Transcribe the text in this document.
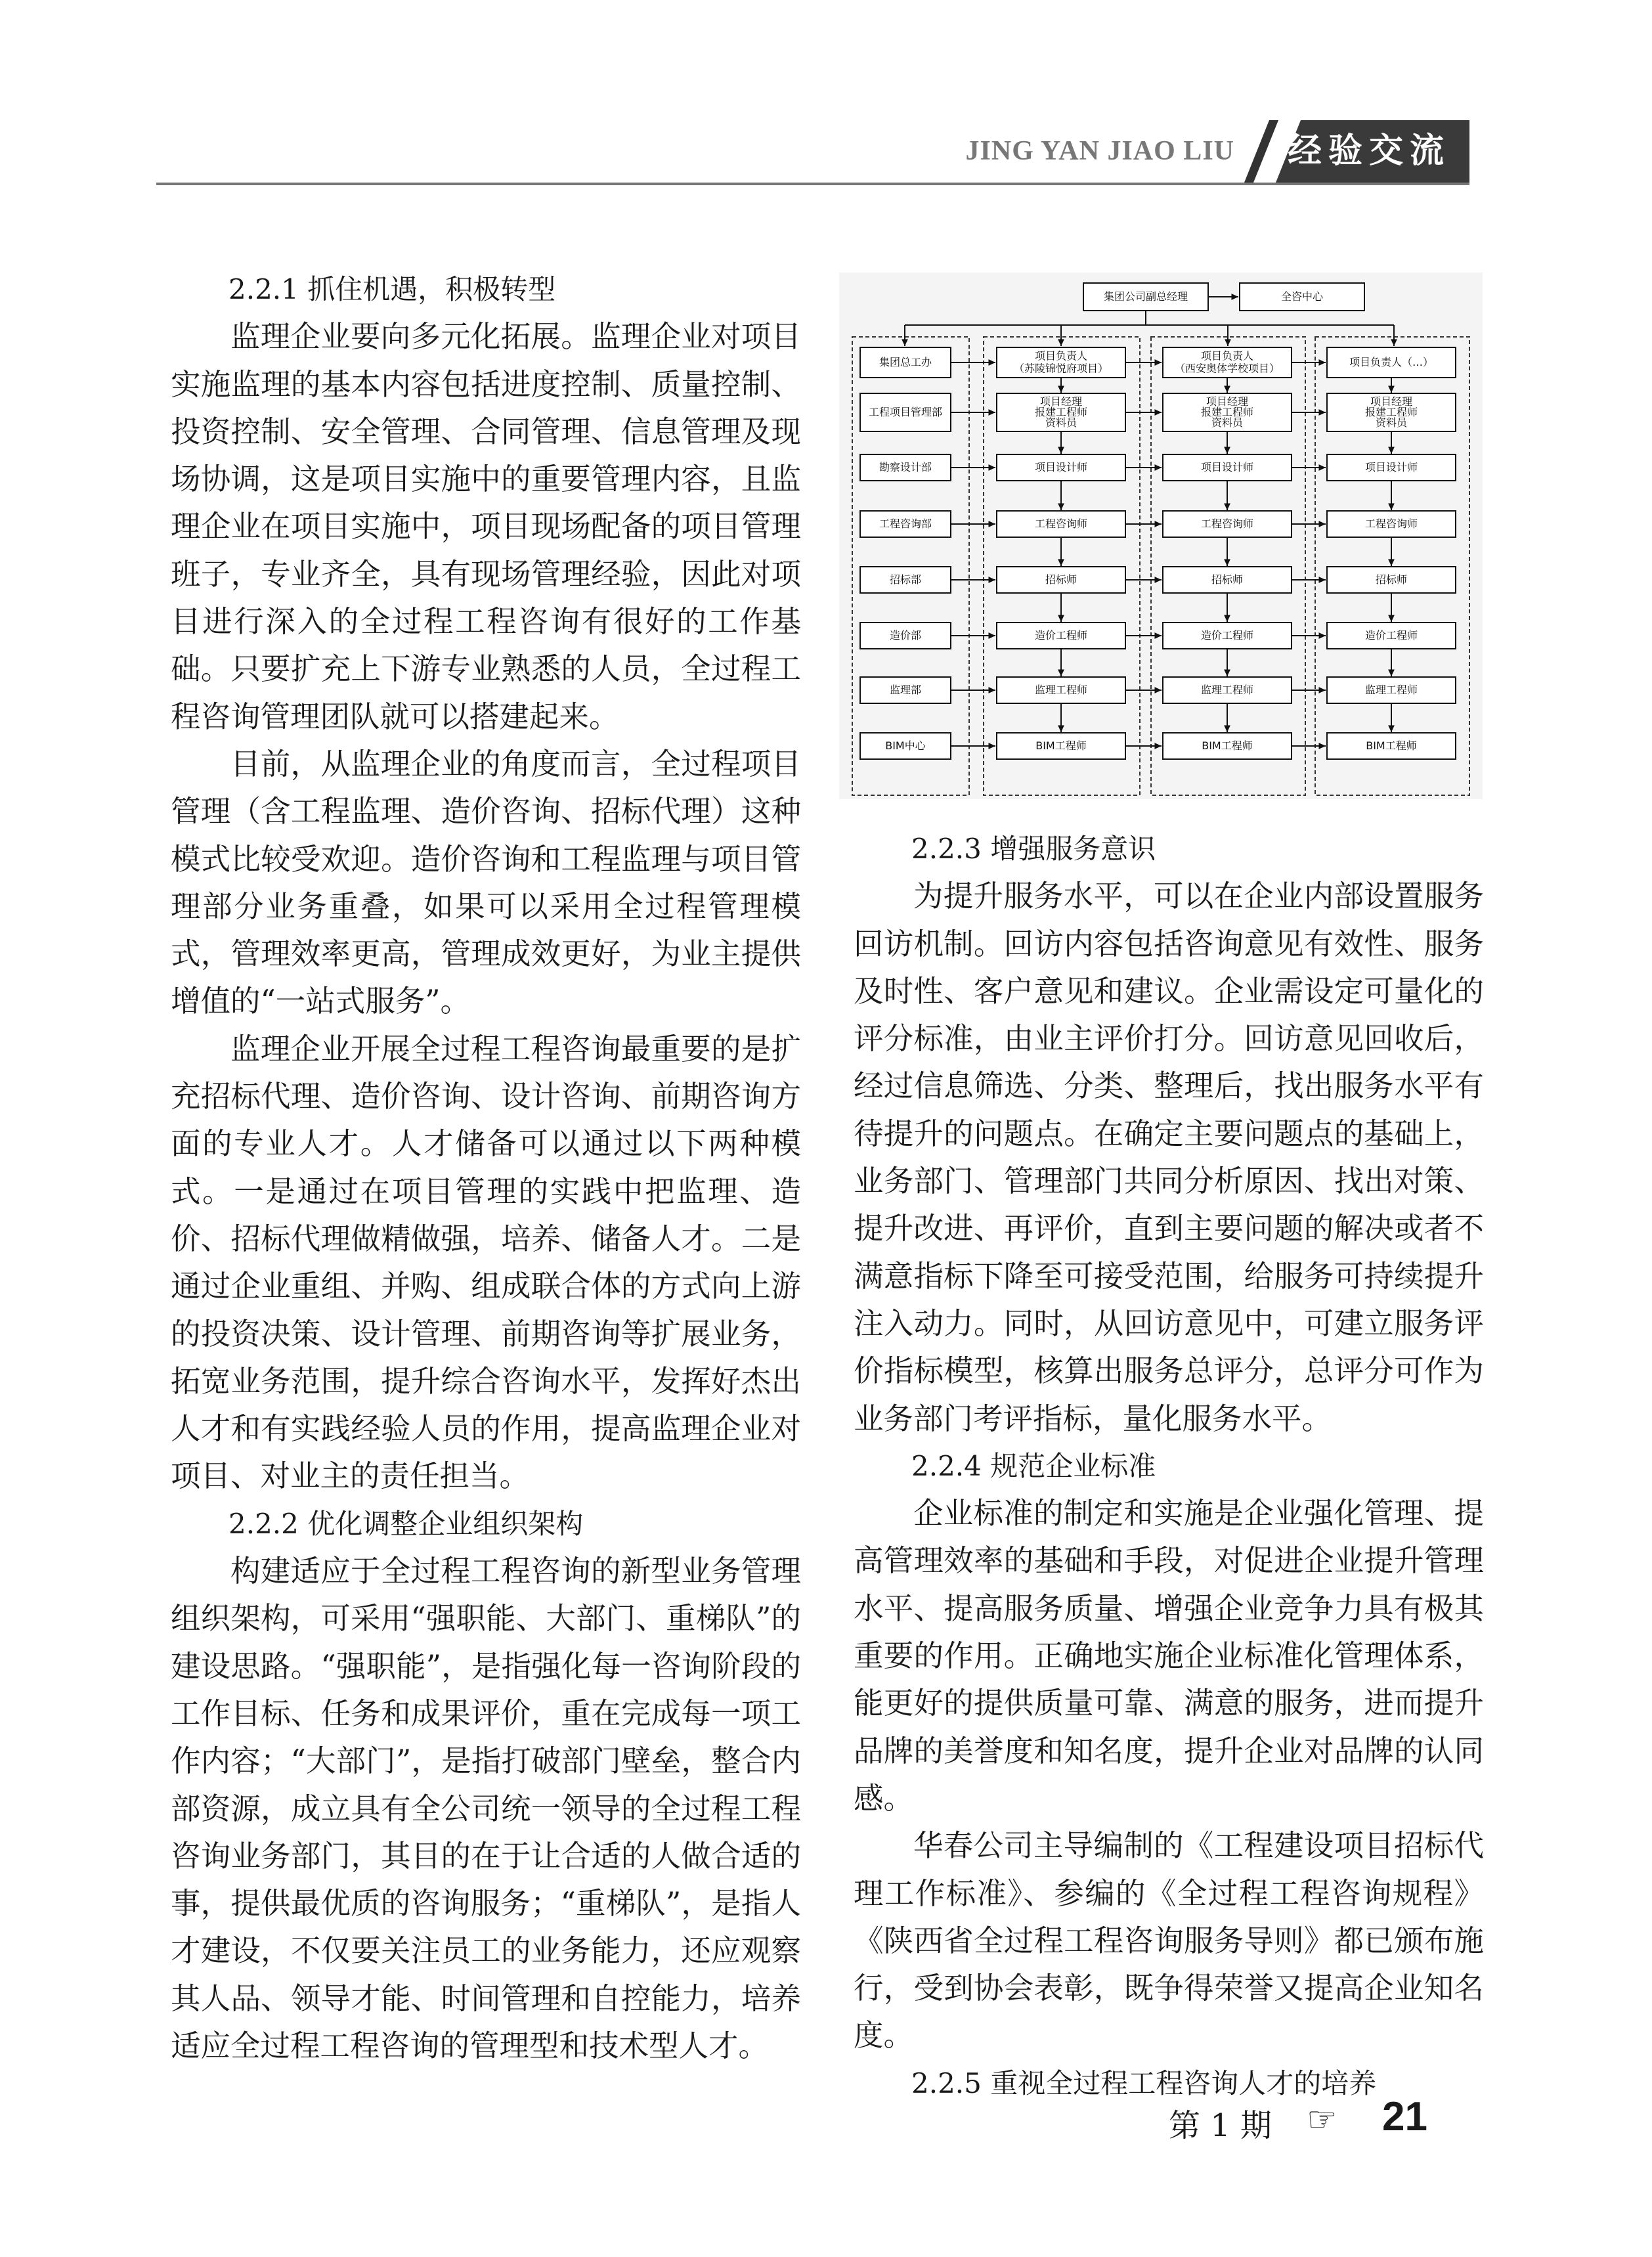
JING YAN JIAO LIU	经验交流
2.2.1 抓住机遇，积极转型

监理企业要向多元化拓展。监理企业对项目实施监理的基本内容包括进度控制、质量控制、投资控制、安全管理、合同管理、信息管理及现场协调，这是项目实施中的重要管理内容，且监理企业在项目实施中，项目现场配备的项目管理班子，专业齐全，具有现场管理经验，因此对项目进行深入的全过程工程咨询有很好的工作基础。只要扩充上下游专业熟悉的人员，全过程工程咨询管理团队就可以搭建起来。

目前，从监理企业的角度而言，全过程项目管理（含工程监理、造价咨询、招标代理）这种模式比较受欢迎。造价咨询和工程监理与项目管理部分业务重叠，如果可以采用全过程管理模式，管理效率更高，管理成效更好，为业主提供增值的“一站式服务”。

监理企业开展全过程工程咨询最重要的是扩充招标代理、造价咨询、设计咨询、前期咨询方面的专业人才。人才储备可以通过以下两种模式。一是通过在项目管理的实践中把监理、造价、招标代理做精做强，培养、储备人才。二是通过企业重组、并购、组成联合体的方式向上游的投资决策、设计管理、前期咨询等扩展业务，拓宽业务范围，提升综合咨询水平，发挥好杰出人才和有实践经验人员的作用，提高监理企业对项目、对业主的责任担当。

2.2.2 优化调整企业组织架构

构建适应于全过程工程咨询的新型业务管理组织架构，可采用“强职能、大部门、重梯队”的建设思路。“强职能”，是指强化每一咨询阶段的工作目标、任务和成果评价，重在完成每一项工作内容；“大部门”，是指打破部门壁垒，整合内部资源，成立具有全公司统一领导的全过程工程咨询业务部门，其目的在于让合适的人做合适的事，提供最优质的咨询服务；“重梯队”，是指人才建设，不仅要关注员工的业务能力，还应观察其人品、领导才能、时间管理和自控能力，培养适应全过程工程咨询的管理型和技术型人才。

集团公司副总经理	全咨中心
集团总工办
工程项目管理部
勘察设计部
工程咨询部
招标部
造价部
监理部
BIM中心
项目负责人
（苏陵锦悦府项目）
项目经理
报建工程师
资料员
项目设计师
工程咨询师
招标师
造价工程师
监理工程师
BIM工程师
项目负责人
（西安奥体学校项目）
项目经理
报建工程师
资料员
项目设计师
工程咨询师
招标师
造价工程师
监理工程师
BIM工程师
项目负责人（…）
项目经理
报建工程师
资料员
项目设计师
工程咨询师
招标师
造价工程师
监理工程师
BIM工程师
2.2.3 增强服务意识

为提升服务水平，可以在企业内部设置服务回访机制。回访内容包括咨询意见有效性、服务及时性、客户意见和建议。企业需设定可量化的评分标准，由业主评价打分。回访意见回收后，经过信息筛选、分类、整理后，找出服务水平有待提升的问题点。在确定主要问题点的基础上，业务部门、管理部门共同分析原因、找出对策、提升改进、再评价，直到主要问题的解决或者不满意指标下降至可接受范围，给服务可持续提升注入动力。同时，从回访意见中，可建立服务评价指标模型，核算出服务总评分，总评分可作为业务部门考评指标，量化服务水平。

2.2.4 规范企业标准

企业标准的制定和实施是企业强化管理、提高管理效率的基础和手段，对促进企业提升管理水平、提高服务质量、增强企业竞争力具有极其重要的作用。正确地实施企业标准化管理体系，能更好的提供质量可靠、满意的服务，进而提升品牌的美誉度和知名度，提升企业对品牌的认同感。

华春公司主导编制的《工程建设项目招标代理工作标准》、参编的《全过程工程咨询规程》《陕西省全过程工程咨询服务导则》都已颁布施行，受到协会表彰，既争得荣誉又提高企业知名度。

2.2.5 重视全过程工程咨询人才的培养
第 1 期 ☞ 21
